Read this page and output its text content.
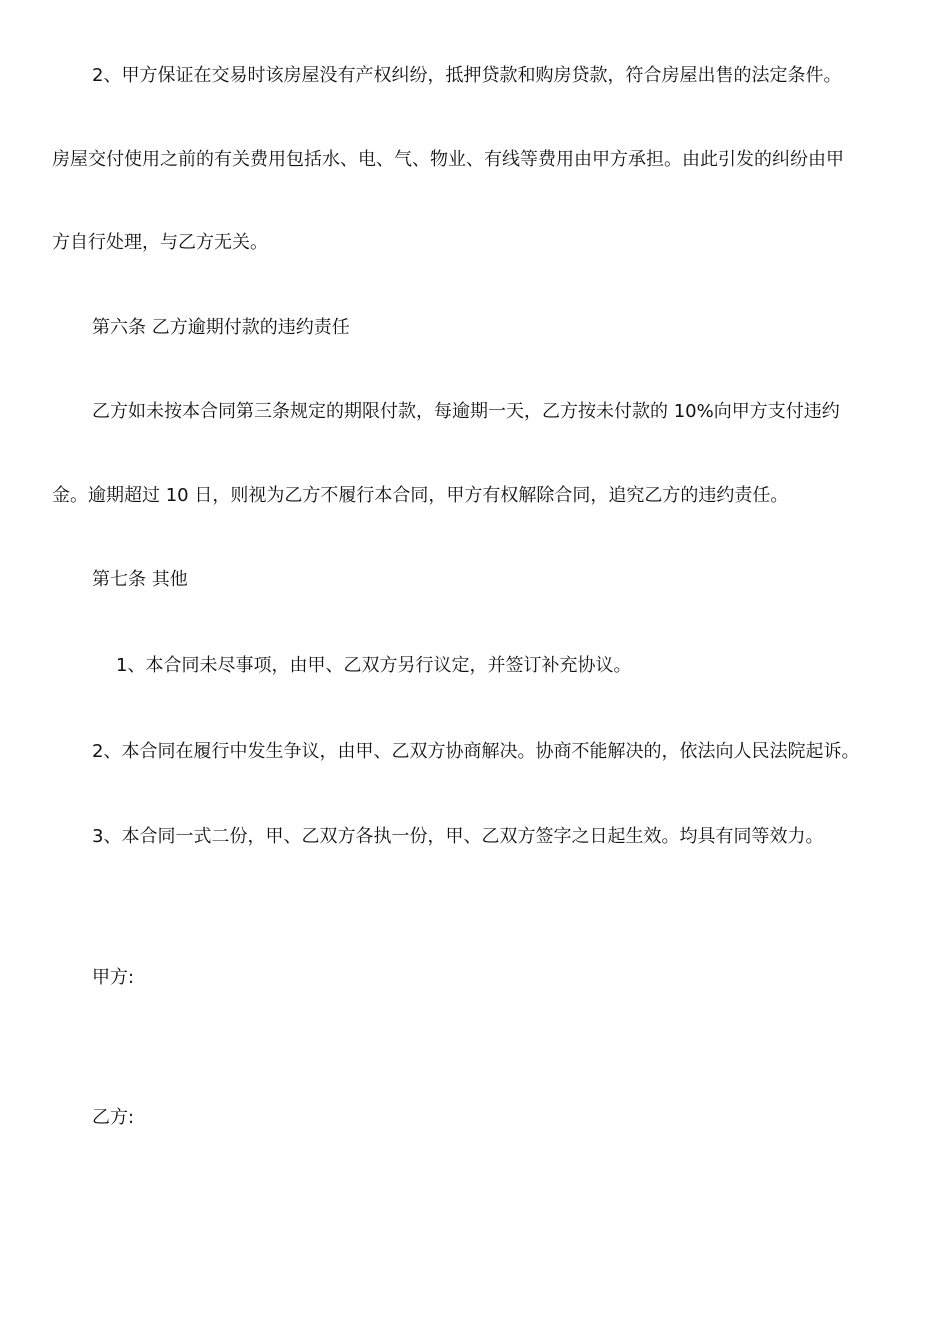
2、甲方保证在交易时该房屋没有产权纠纷，抵押贷款和购房贷款，符合房屋出售的法定条件。
房屋交付使用之前的有关费用包括水、电、气、物业、有线等费用由甲方承担。由此引发的纠纷由甲
方自行处理，与乙方无关。
第六条 乙方逾期付款的违约责任
乙方如未按本合同第三条规定的期限付款，每逾期一天，乙方按未付款的 10%向甲方支付违约
金。逾期超过 10 日，则视为乙方不履行本合同，甲方有权解除合同，追究乙方的违约责任。
第七条 其他
1、本合同未尽事项，由甲、乙双方另行议定，并签订补充协议。
2、本合同在履行中发生争议，由甲、乙双方协商解决。协商不能解决的，依法向人民法院起诉。
3、本合同一式二份，甲、乙双方各执一份，甲、乙双方签字之日起生效。均具有同等效力。
甲方:
乙方:
